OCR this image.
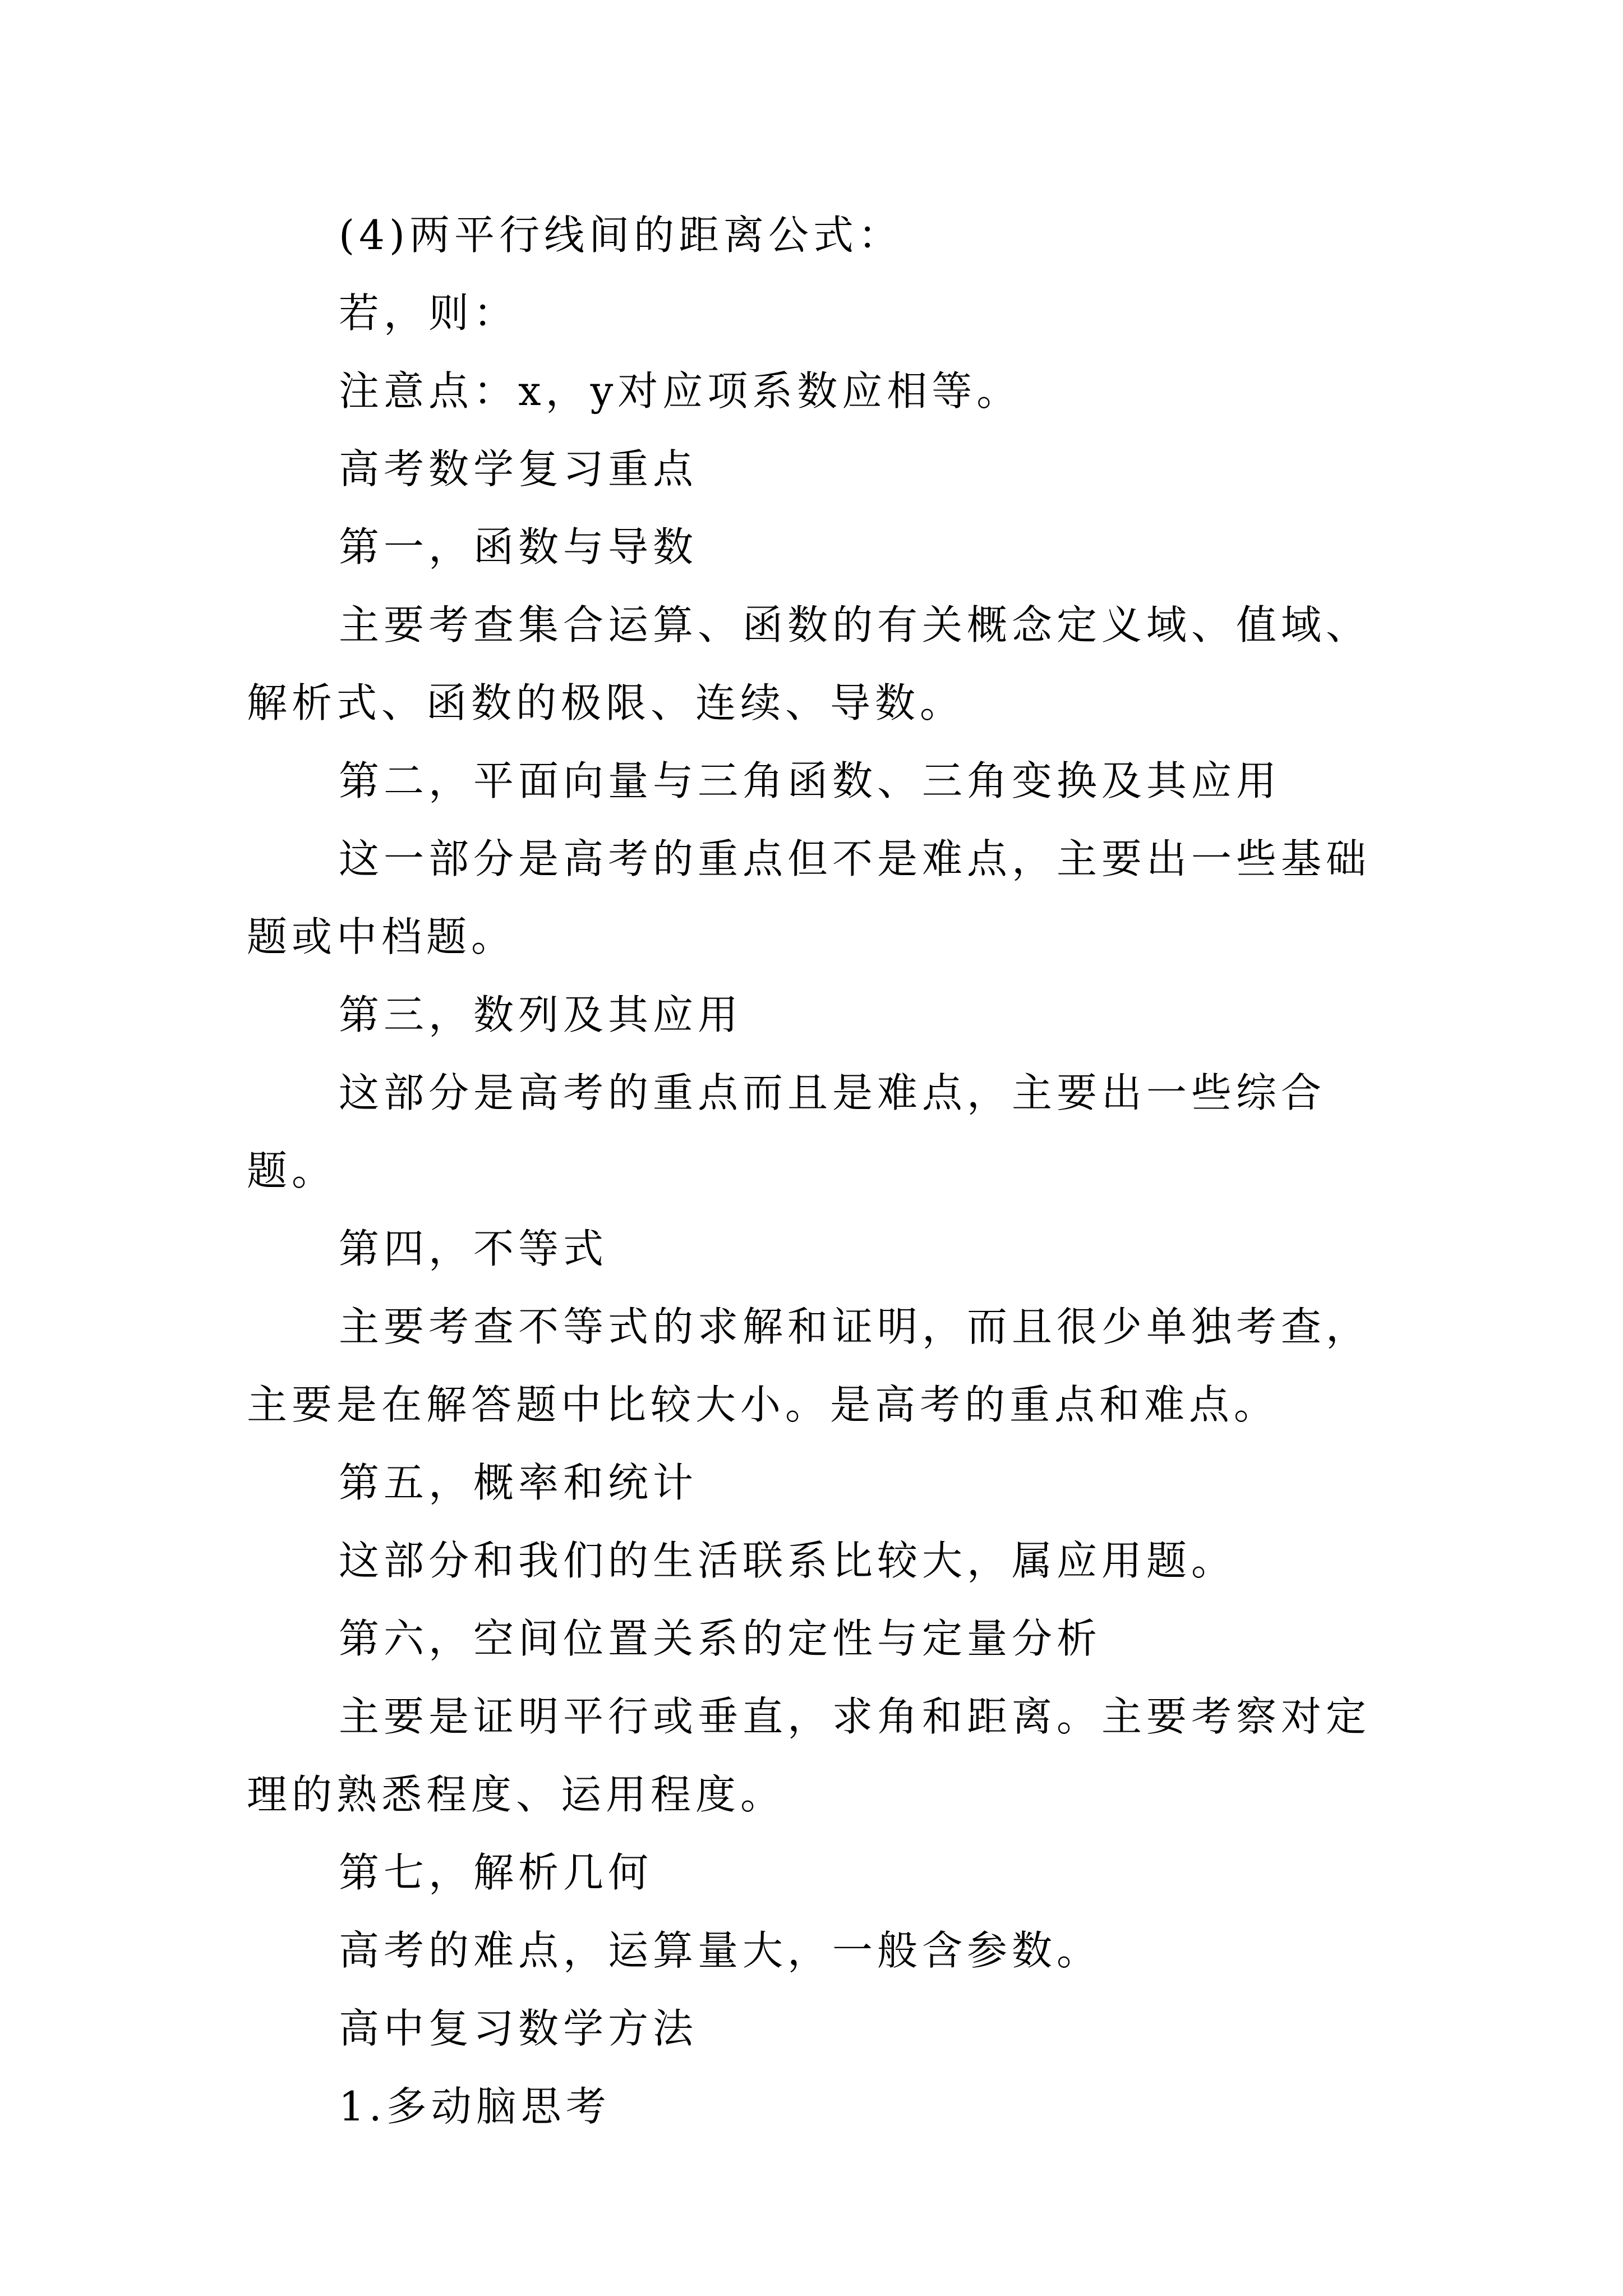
(4)两平行线间的距离公式：

若，则：

注意点：x，y对应项系数应相等。

高考数学复习重点

第一，函数与导数

主要考查集合运算、函数的有关概念定义域、值域、解析式、函数的极限、连续、导数。

第二，平面向量与三角函数、三角变换及其应用

这一部分是高考的重点但不是难点，主要出一些基础题或中档题。

第三，数列及其应用

这部分是高考的重点而且是难点，主要出一些综合题。

第四，不等式

主要考查不等式的求解和证明，而且很少单独考查，主要是在解答题中比较大小。是高考的重点和难点。

第五，概率和统计

这部分和我们的生活联系比较大，属应用题。

第六，空间位置关系的定性与定量分析

主要是证明平行或垂直，求角和距离。主要考察对定理的熟悉程度、运用程度。

第七，解析几何

高考的难点，运算量大，一般含参数。

高中复习数学方法

1.多动脑思考
